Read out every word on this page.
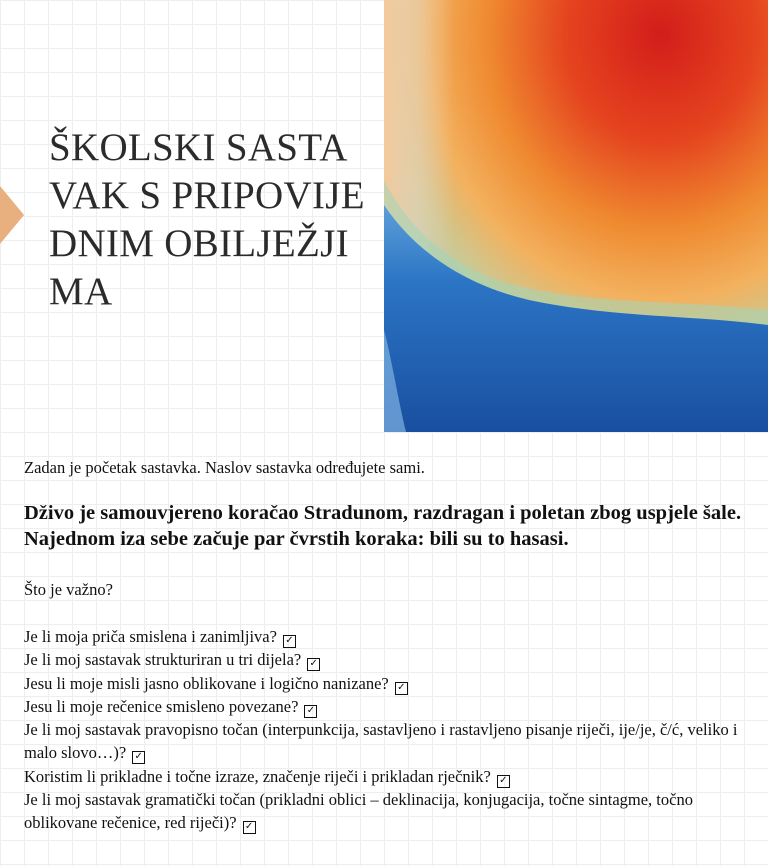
ŠKOLSKI SASTAVAK S PRIPOVIJEDNIM OBILJEŽJIMA

Zadan je početak sastavka. Naslov sastavka određujete sami.

Dživo je samouvjereno koračao Stradunom, razdragan i poletan zbog uspjele šale. Najednom iza sebe začuje par čvrstih koraka: bili su to hasasi.

Što je važno?

Je li moja priča smislena i zanimljiva? ✓
Je li moj sastavak strukturiran u tri dijela? ✓
Jesu li moje misli jasno oblikovane i logično nanizane? ✓
Jesu li moje rečenice smisleno povezane? ✓
Je li moj sastavak pravopisno točan (interpunkcija, sastavljeno i rastavljeno pisanje riječi, ije/je, č/ć, veliko i malo slovo…)? ✓
Koristim li prikladne i točne izraze, značenje riječi i prikladan rječnik? ✓
Je li moj sastavak gramatički točan (prikladni oblici – deklinacija, konjugacija, točne sintagme, točno oblikovane rečenice, red riječi)? ✓
